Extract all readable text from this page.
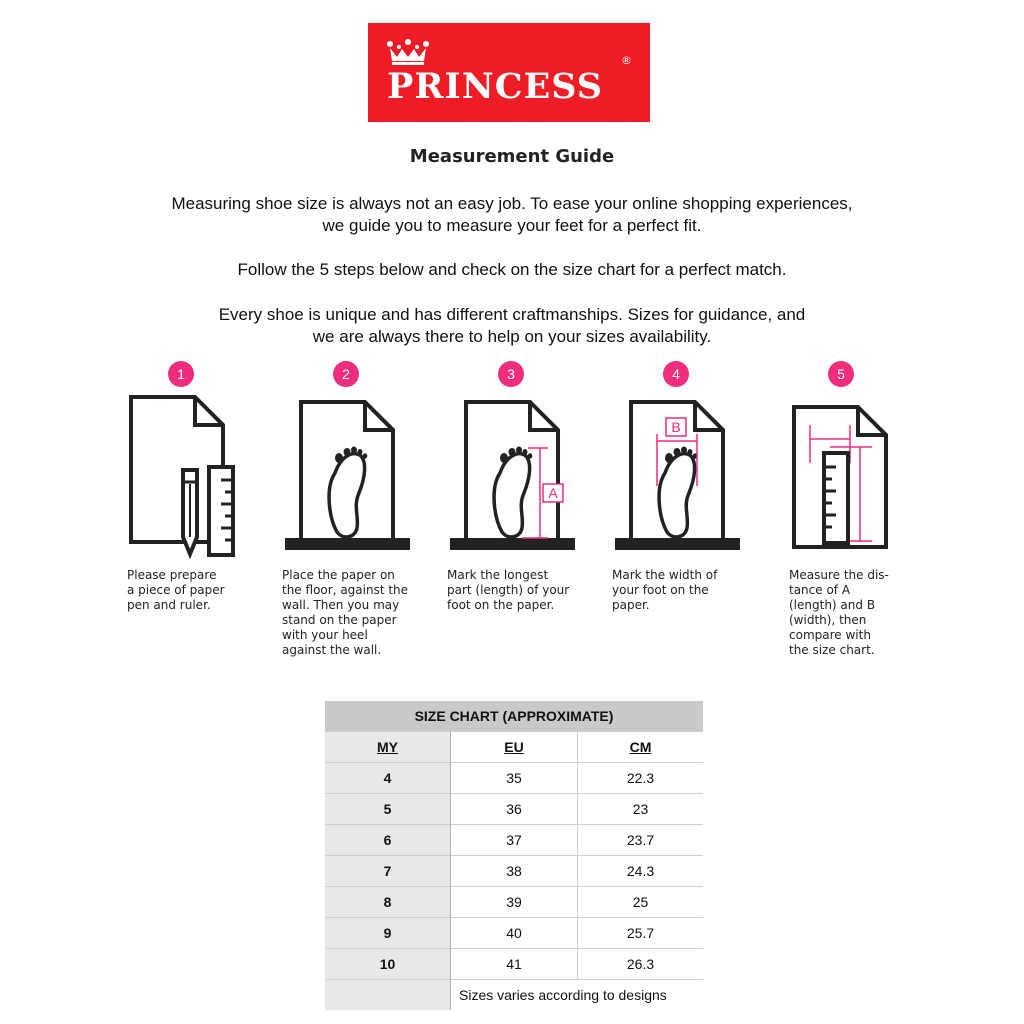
PRINCESS
®
Measurement Guide
Measuring shoe size is always not an easy job. To ease your online shopping experiences,
we guide you to measure your feet for a perfect fit.
Follow the 5 steps below and check on the size chart for a perfect match.
Every shoe is unique and has different craftmanships. Sizes for guidance, and
we are always there to help on your sizes availability.
1	2	3	4	5
A
B
Please prepare
a piece of paper
pen and ruler.
Place the paper on
the floor, against the
wall. Then you may
stand on the paper
with your heel
against the wall.
Mark the longest
part (length) of your
foot on the paper.
Mark the width of
your foot on the
paper.
Measure the dis-
tance of A
(length) and B
(width), then
compare with
the size chart.
SIZE CHART (APPROXIMATE)		
MY	EU	CM
4	35	22.3
5	36	23
6	37	23.7
7	38	24.3
8	39	25
9	40	25.7
10	41	26.3
	Sizes varies according to designs	
